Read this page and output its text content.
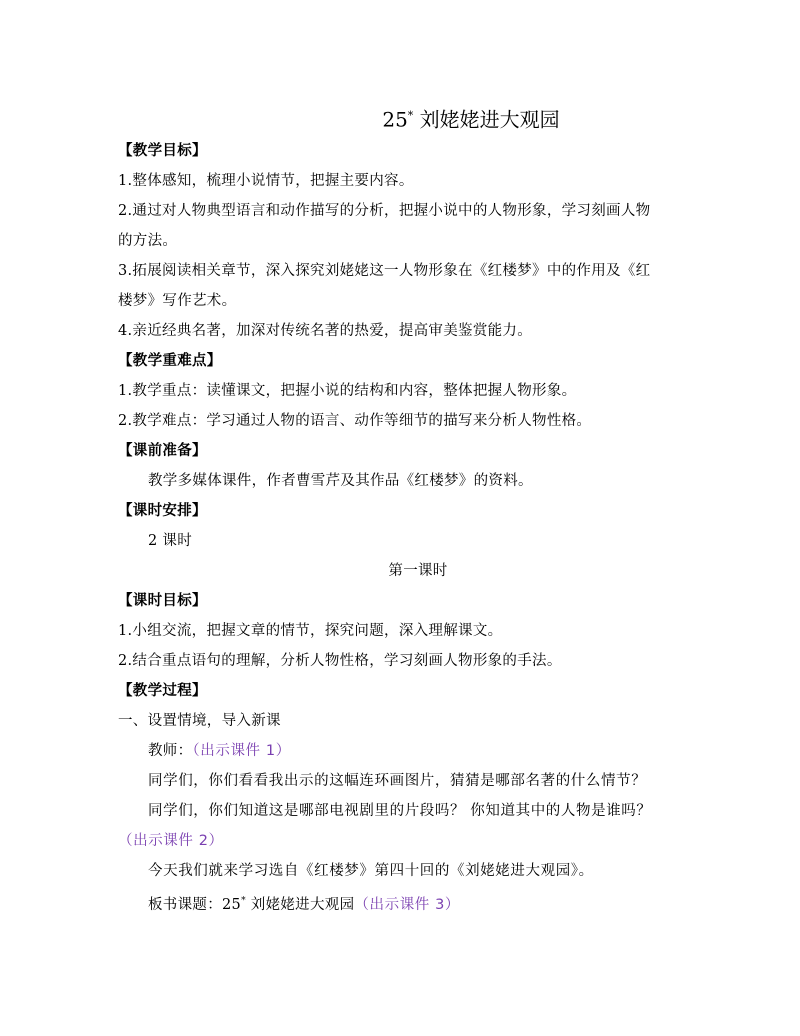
25* 刘姥姥进大观园
【教学目标】
1.整体感知，梳理小说情节，把握主要内容。
2.通过对人物典型语言和动作描写的分析，把握小说中的人物形象，学习刻画人物
的方法。
3.拓展阅读相关章节，深入探究刘姥姥这一人物形象在《红楼梦》中的作用及《红
楼梦》写作艺术。
4.亲近经典名著，加深对传统名著的热爱，提高审美鉴赏能力。
【教学重难点】
1.教学重点：读懂课文，把握小说的结构和内容，整体把握人物形象。
2.教学难点：学习通过人物的语言、动作等细节的描写来分析人物性格。
【课前准备】
教学多媒体课件，作者曹雪芹及其作品《红楼梦》的资料。
【课时安排】
2 课时
第一课时
【课时目标】
1.小组交流，把握文章的情节，探究问题，深入理解课文。
2.结合重点语句的理解，分析人物性格，学习刻画人物形象的手法。
【教学过程】
一、设置情境，导入新课
教师：（出示课件 1）
同学们，你们看看我出示的这幅连环画图片，猜猜是哪部名著的什么情节？
同学们，你们知道这是哪部电视剧里的片段吗？ 你知道其中的人物是谁吗？
（出示课件 2）
今天我们就来学习选自《红楼梦》第四十回的《刘姥姥进大观园》。
板书课题：25* 刘姥姥进大观园（出示课件 3）
